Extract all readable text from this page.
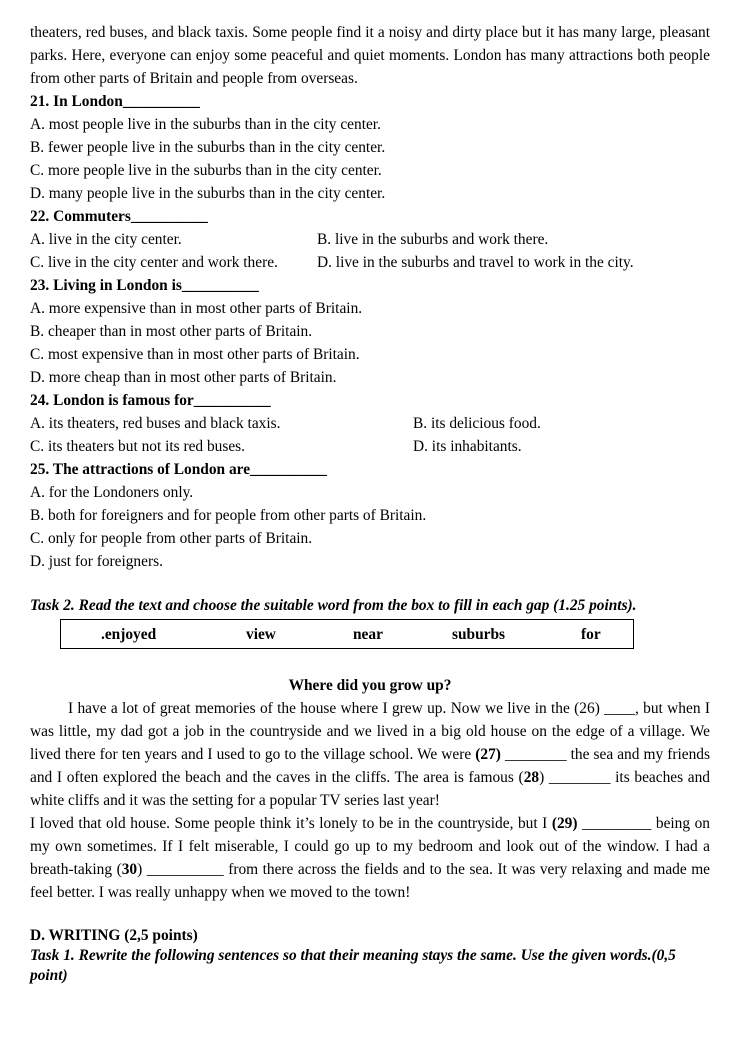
theaters, red buses, and black taxis. Some people find it a noisy and dirty place but it has many large, pleasant parks. Here, everyone can enjoy some peaceful and quiet moments. London has many attractions both people from other parts of Britain and people from overseas.

21. In London__________

A. most people live in the suburbs than in the city center.

B. fewer people live in the suburbs than in the city center.

C. more people live in the suburbs than in the city center.

D. many people live in the suburbs than in the city center.

22. Commuters__________

A. live in the city center.	B. live in the suburbs and work there.
C. live in the city center and work there.	D. live in the suburbs and travel to work in the city.

23. Living in London is__________

A. more expensive than in most other parts of Britain.

B. cheaper than in most other parts of Britain.

C. most expensive than in most other parts of Britain.

D. more cheap than in most other parts of Britain.

24. London is famous for__________

A. its theaters, red buses and black taxis.	B. its delicious food.
C. its theaters but not its red buses.	D. its inhabitants.

25. The attractions of London are__________

A. for the Londoners only.

B. both for foreigners and for people from other parts of Britain.

C. only for people from other parts of Britain.

D. just for foreigners.

Task 2. Read the text and choose the suitable word from the box to fill in each gap (1.25 points).

.enjoyed	view	near	suburbs	for

Where did you grow up?

I have a lot of great memories of the house where I grew up. Now we live in the (26) ____, but when I was little, my dad got a job in the countryside and we lived in a big old house on the edge of a village. We lived there for ten years and I used to go to the village school. We were (27) ________ the sea and my friends and I often explored the beach and the caves in the cliffs. The area is famous (28) ________ its beaches and white cliffs and it was the setting for a popular TV series last year!

I loved that old house. Some people think it’s lonely to be in the countryside, but I (29) _________ being on my own sometimes. If I felt miserable, I could go up to my bedroom and look out of the window. I had a breath-taking (30) __________ from there across the fields and to the sea. It was very relaxing and made me feel better. I was really unhappy when we moved to the town!

D. WRITING (2,5 points)

Task 1. Rewrite the following sentences so that their meaning stays the same. Use the given words.(0,5 point)
